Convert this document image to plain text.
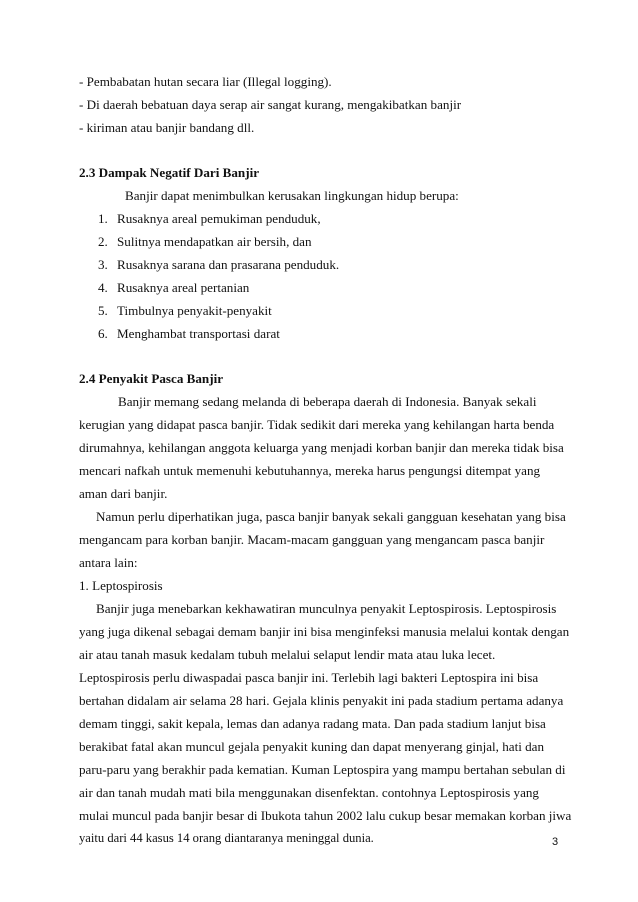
- Pembabatan hutan secara liar (Illegal logging).
- Di daerah bebatuan daya serap air sangat kurang, mengakibatkan banjir
- kiriman atau banjir bandang dll.
2.3 Dampak Negatif Dari Banjir
Banjir dapat menimbulkan kerusakan lingkungan hidup berupa:
1. Rusaknya areal pemukiman penduduk,
2. Sulitnya mendapatkan air bersih, dan
3. Rusaknya sarana dan prasarana penduduk.
4. Rusaknya areal pertanian
5. Timbulnya penyakit-penyakit
6. Menghambat transportasi darat
2.4 Penyakit Pasca Banjir
Banjir memang sedang melanda di beberapa daerah di Indonesia. Banyak sekali
kerugian yang didapat pasca banjir. Tidak sedikit dari mereka yang kehilangan harta benda
dirumahnya, kehilangan anggota keluarga yang menjadi korban banjir dan mereka tidak bisa
mencari nafkah untuk memenuhi kebutuhannya, mereka harus pengungsi ditempat yang
aman dari banjir.
Namun perlu diperhatikan juga, pasca banjir banyak sekali gangguan kesehatan yang bisa
mengancam para korban banjir. Macam-macam gangguan yang mengancam pasca banjir
antara lain:
1. Leptospirosis
Banjir juga menebarkan kekhawatiran munculnya penyakit Leptospirosis. Leptospirosis
yang juga dikenal sebagai demam banjir ini bisa menginfeksi manusia melalui kontak dengan
air atau tanah masuk kedalam tubuh melalui selaput lendir mata atau luka lecet.
Leptospirosis perlu diwaspadai pasca banjir ini. Terlebih lagi bakteri Leptospira ini bisa
bertahan didalam air selama 28 hari. Gejala klinis penyakit ini pada stadium pertama adanya
demam tinggi, sakit kepala, lemas dan adanya radang mata. Dan pada stadium lanjut bisa
berakibat fatal akan muncul gejala penyakit kuning dan dapat menyerang ginjal, hati dan
paru-paru yang berakhir pada kematian. Kuman Leptospira yang mampu bertahan sebulan di
air dan tanah mudah mati bila menggunakan disenfektan. contohnya Leptospirosis yang
mulai muncul pada banjir besar di Ibukota tahun 2002 lalu cukup besar memakan korban jiwa
yaitu dari 44 kasus 14 orang diantaranya meninggal dunia.	3
